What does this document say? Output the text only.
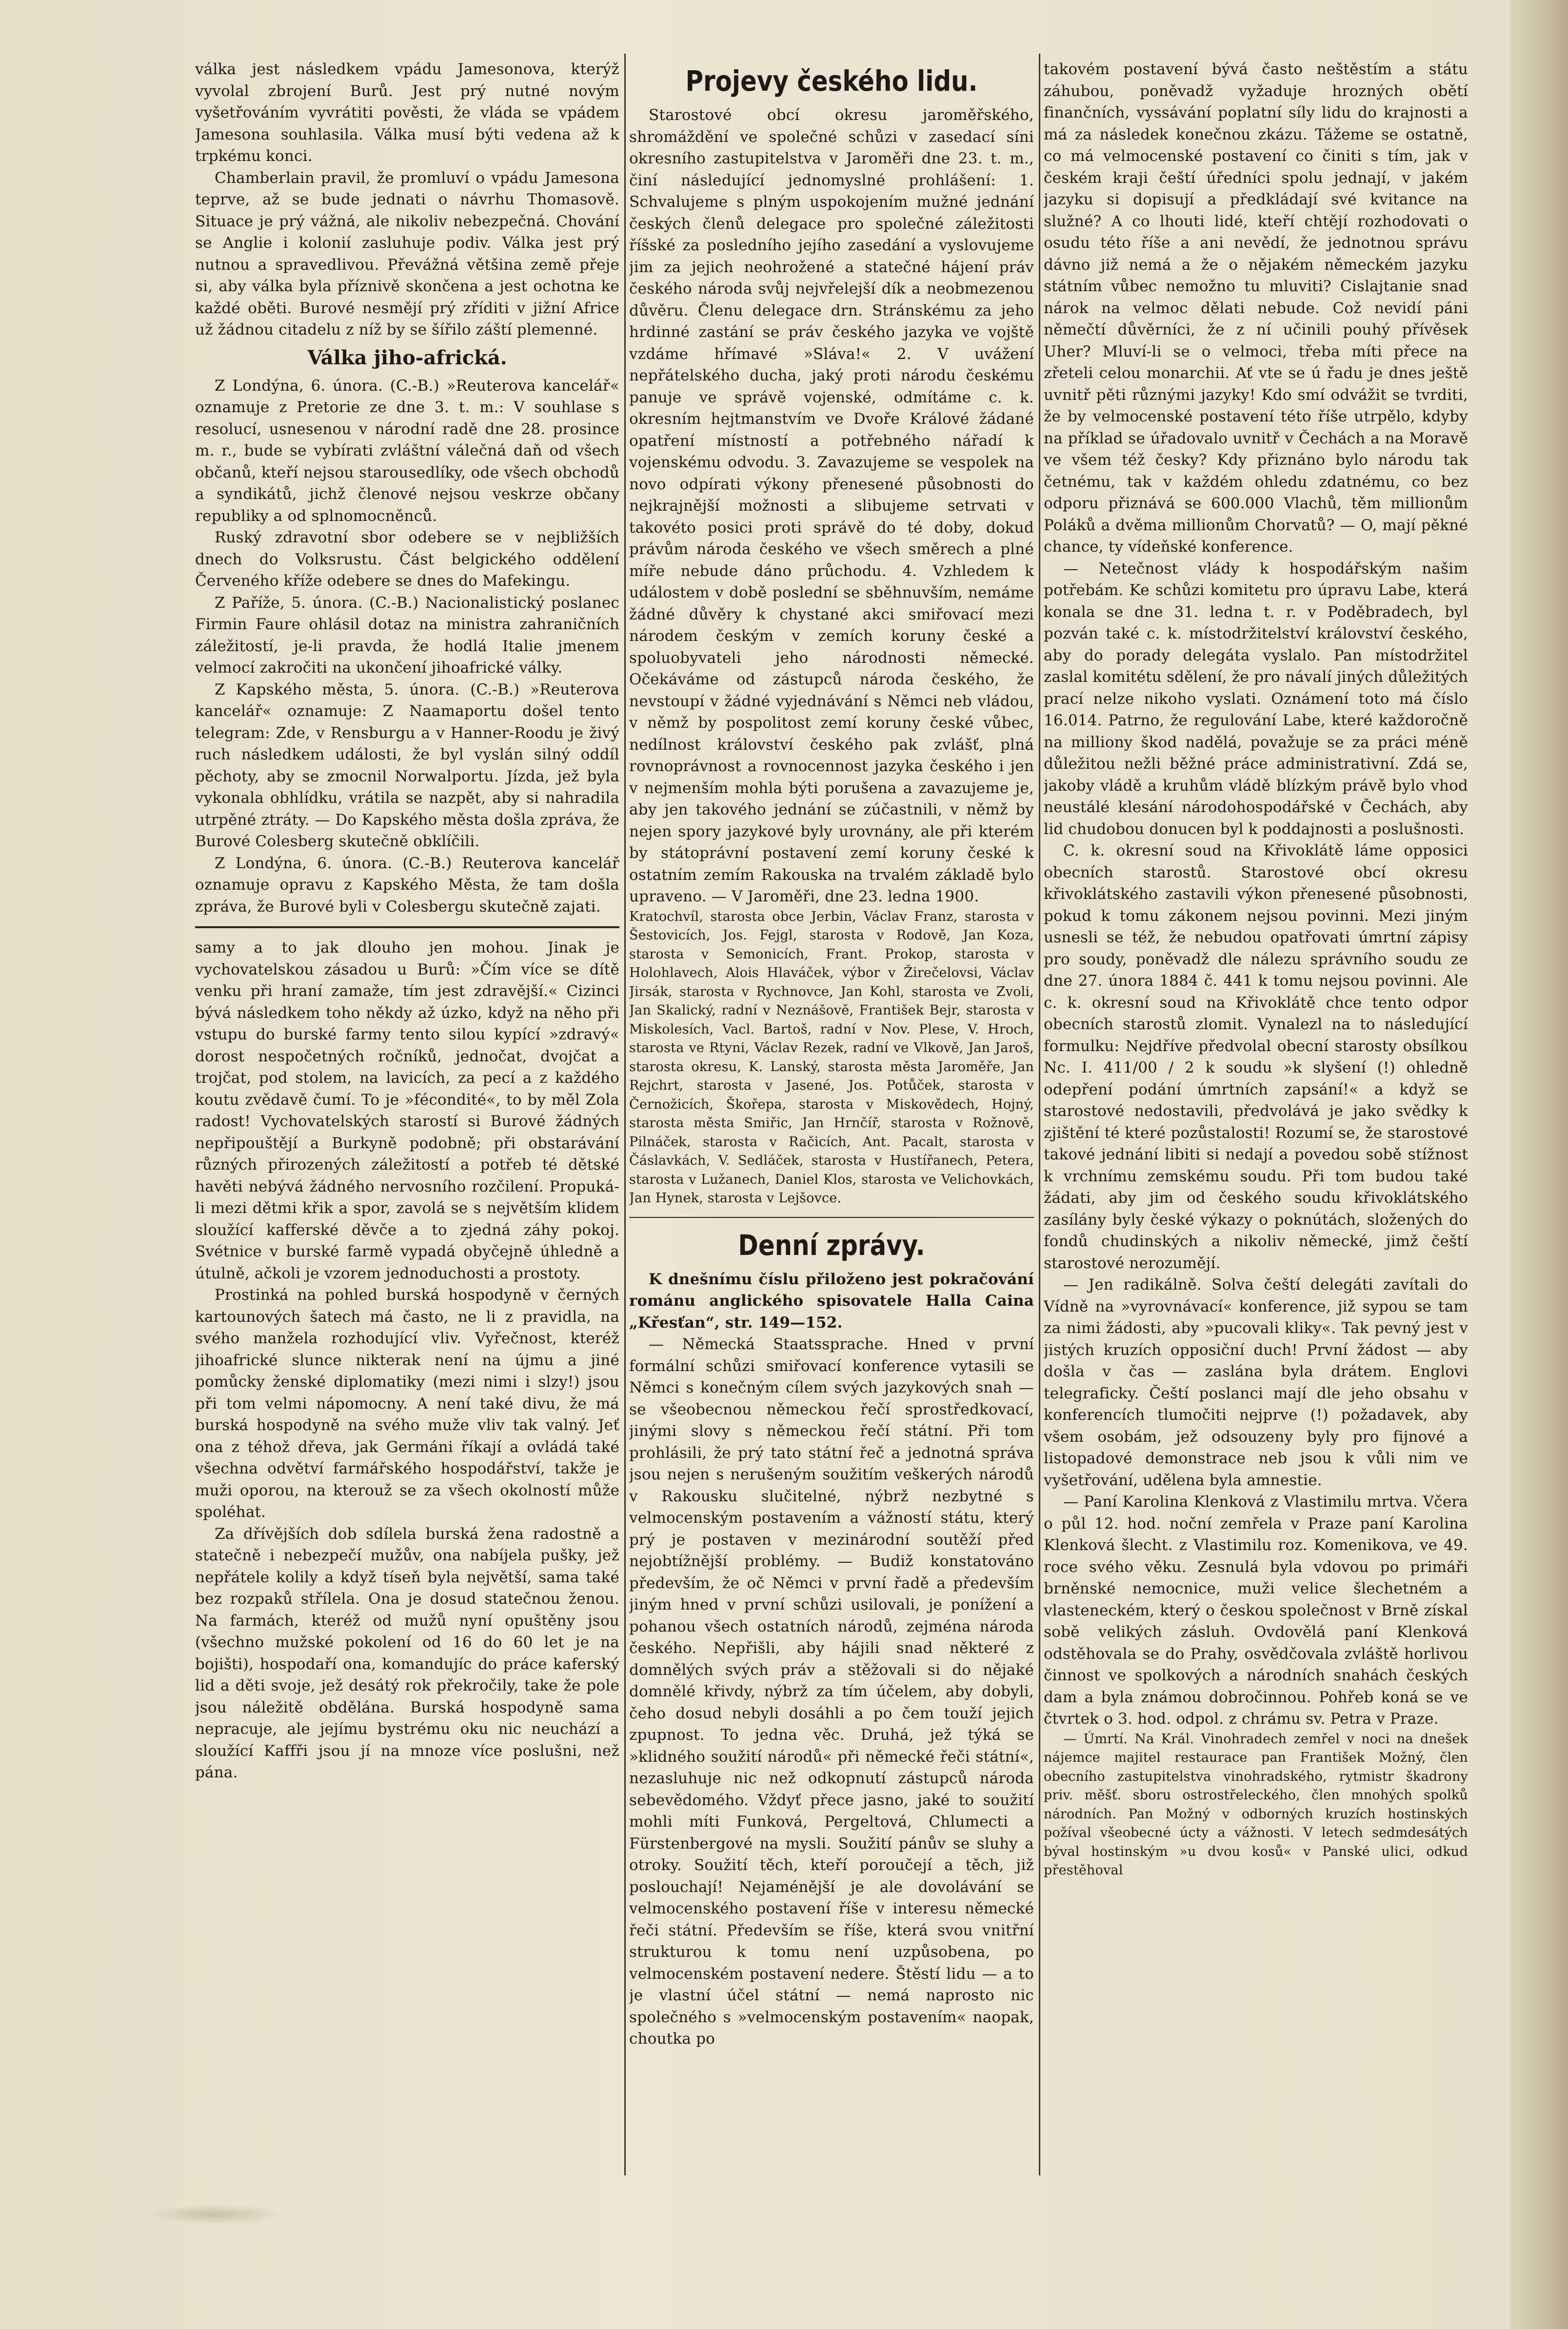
válka jest následkem vpádu Jamesonova, kterýž vyvolal zbrojení Burů. Jest prý nutné novým vyšetřováním vyvrátiti pověsti, že vláda se vpádem Jamesona souhlasila. Válka musí býti vedena až k trpkému konci.

Chamberlain pravil, že promluví o vpádu Jamesona teprve, až se bude jednati o návrhu Thomasově. Situace je prý vážná, ale nikoliv nebezpečná. Chování se Anglie i kolonií zasluhuje podiv. Válka jest prý nutnou a spravedlivou. Převážná většina země přeje si, aby válka byla příznivě skončena a jest ochotna ke každé oběti. Burové nesmějí prý zříditi v jižní Africe už žádnou citadelu z níž by se šířilo záští plemenné.

Válka jiho-africká.

Z Londýna, 6. února. (C.-B.) »Reuterova kancelář« oznamuje z Pretorie ze dne 3. t. m.: V souhlase s resolucí, usnesenou v národní radě dne 28. prosince m. r., bude se vybírati zvláštní válečná daň od všech občanů, kteří nejsou starousedlíky, ode všech obchodů a syndikátů, jichž členové nejsou veskrze občany republiky a od splnomocněnců.

Ruský zdravotní sbor odebere se v nejbližších dnech do Volksrustu. Část belgického oddělení Červeného kříže odebere se dnes do Mafekingu.

Z Paříže, 5. února. (C.-B.) Nacionalistický poslanec Firmin Faure ohlásil dotaz na ministra zahraničních záležitostí, je-li pravda, že hodlá Italie jmenem velmocí zakročiti na ukončení jihoafrické války.

Z Kapského města, 5. února. (C.-B.) »Reuterova kancelář« oznamuje: Z Naamaportu došel tento telegram: Zde, v Rensburgu a v Hanner-Roodu je živý ruch následkem události, že byl vyslán silný oddíl pěchoty, aby se zmocnil Norwalportu. Jízda, jež byla vykonala obhlídku, vrátila se nazpět, aby si nahradila utrpěné ztráty. — Do Kapského města došla zpráva, že Burové Colesberg skutečně obklíčili.

Z Londýna, 6. února. (C.-B.) Reuterova kancelář oznamuje opravu z Kapského Města, že tam došla zpráva, že Burové byli v Colesbergu skutečně zajati.

samy a to jak dlouho jen mohou. Jinak je vychovatelskou zásadou u Burů: »Čím více se dítě venku při hraní zamaže, tím jest zdravější.« Cizinci bývá následkem toho někdy až úzko, když na něho při vstupu do burské farmy tento silou kypící »zdravý« dorost nespočetných ročníků, jednočat, dvojčat a trojčat, pod stolem, na lavicích, za pecí a z každého koutu zvědavě čumí. To je »fécondité«, to by měl Zola radost! Vychovatelských starostí si Burové žádných nepřipouštějí a Burkyně podobně; při obstarávání různých přirozených záležitostí a potřeb té dětské havěti nebývá žádného nervosního rozčilení. Propuká-li mezi dětmi křik a spor, zavolá se s největším klidem sloužící kafferské děvče a to zjedná záhy pokoj. Svétnice v burské farmě vypadá obyčejně úhledně a útulně, ačkoli je vzorem jednoduchosti a prostoty.

Prostinká na pohled burská hospodyně v černých kartounových šatech má často, ne li z pravidla, na svého manžela rozhodující vliv. Vyřečnost, kteréž jihoafrické slunce nikterak není na újmu a jiné pomůcky ženské diplomatiky (mezi nimi i slzy!) jsou při tom velmi nápomocny. A není také divu, že má burská hospodyně na svého muže vliv tak valný. Jeť ona z téhož dřeva, jak Germáni říkají a ovládá také všechna odvětví farmářského hospodářství, takže je muži oporou, na kterouž se za všech okolností může spoléhat.

Za dřívějších dob sdílela burská žena radostně a statečně i nebezpečí mužův, ona nabíjela pušky, jež nepřátele kolily a když tíseň byla největší, sama také bez rozpaků střílela. Ona je dosud statečnou ženou. Na farmách, kteréž od mužů nyní opuštěny jsou (všechno mužské pokolení od 16 do 60 let je na bojišti), hospodaří ona, komandujíc do práce kaferský lid a děti svoje, jež desátý rok překročily, take že pole jsou náležitě obdělána. Burská hospodyně sama nepracuje, ale jejímu bystrému oku nic neuchází a sloužící Kaffři jsou jí na mnoze více poslušni, než pána.

Projevy českého lidu.

Starostové obcí okresu jaroměřského, shromáždění ve společné schůzi v zasedací síni okresního zastupitelstva v Jaroměři dne 23. t. m., činí následující jednomyslné prohlášení: 1. Schvalujeme s plným uspokojením mužné jednání českých členů delegace pro společné záležitosti říšské za posledního jejího zasedání a vyslovujeme jim za jejich neohrožené a statečné hájení práv českého národa svůj nejvřelejší dík a neobmezenou důvěru. Členu delegace drn. Stránskému za jeho hrdinné zastání se práv českého jazyka ve vojště vzdáme hřímavé »Sláva!« 2. V uvážení nepřátelského ducha, jaký proti národu českému panuje ve správě vojenské, odmítáme c. k. okresním hejtmanstvím ve Dvoře Králové žádané opatření místností a potřebného nářadí k vojenskému odvodu. 3. Zavazujeme se vespolek na novo odpírati výkony přenesené působnosti do nejkrajnější možnosti a slibujeme setrvati v takovéto posici proti správě do té doby, dokud právům národa českého ve všech směrech a plné míře nebude dáno průchodu. 4. Vzhledem k událostem v době poslední se sběhnuvším, nemáme žádné důvěry k chystané akci smiřovací mezi národem českým v zemích koruny české a spoluobyvateli jeho národnosti německé. Očekáváme od zástupců národa českého, že nevstoupí v žádné vyjednávání s Němci neb vládou, v němž by pospolitost zemí koruny české vůbec, nedílnost království českého pak zvlášť, plná rovnoprávnost a rovnocennost jazyka českého i jen v nejmenším mohla býti porušena a zavazujeme je, aby jen takového jednání se zúčastnili, v němž by nejen spory jazykové byly urovnány, ale při kterém by státoprávní postavení zemí koruny české k ostatním zemím Rakouska na trvalém základě bylo upraveno. — V Jaroměři, dne 23. ledna 1900.

Kratochvíl, starosta obce Jerbin, Václav Franz, starosta v Šestovicích, Jos. Fejgl, starosta v Rodově, Jan Koza, starosta v Semonicích, Frant. Prokop, starosta v Holohlavech, Alois Hlaváček, výbor v Žirečelovsi, Václav Jirsák, starosta v Rychnovce, Jan Kohl, starosta ve Zvoli, Jan Skalický, radní v Neznášově, František Bejr, starosta v Miskolesích, Vacl. Bartoš, radní v Nov. Plese, V. Hroch, starosta ve Rtyni, Václav Rezek, radní ve Vlkově, Jan Jaroš, starosta okresu, K. Lanský, starosta města Jaroměře, Jan Rejchrt, starosta v Jasené, Jos. Potůček, starosta v Černožicích, Škořepa, starosta v Miskovědech, Hojný, starosta města Smiřic, Jan Hrnčíř, starosta v Rožnově, Pilnáček, starosta v Račicích, Ant. Pacalt, starosta v Čáslavkách, V. Sedláček, starosta v Hustířanech, Petera, starosta v Lužanech, Daniel Klos, starosta ve Velichovkách, Jan Hynek, starosta v Lejšovce.

Denní zprávy.

K dnešnímu číslu přiloženo jest pokračování románu anglického spisovatele Halla Caina „Křesťan“, str. 149—152.

— Německá Staatssprache. Hned v první formální schůzi smiřovací konference vytasili se Němci s konečným cílem svých jazykových snah — se všeobecnou německou řečí sprostředkovací, jinými slovy s německou řečí státní. Při tom prohlásili, že prý tato státní řeč a jednotná správa jsou nejen s nerušeným soužitím veškerých národů v Rakousku slučitelné, nýbrž nezbytné s velmocenským postavením a vážností státu, který prý je postaven v mezinárodní soutěží před nejobtížnější problémy. — Budiž konstatováno především, že oč Němci v první řadě a především jiným hned v první schůzi usilovali, je ponížení a pohanou všech ostatních národů, zejména národa českého. Nepřišli, aby hájili snad některé z domnělých svých práv a stěžovali si do nějaké domnělé křivdy, nýbrž za tím účelem, aby dobyli, čeho dosud nebyli dosáhli a po čem touží jejich zpupnost. To jedna věc. Druhá, jež týká se »klidného soužití národů« při německé řeči státní«, nezasluhuje nic než odkopnutí zástupců národa sebevědomého. Vždyť přece jasno, jaké to soužití mohli míti Funková, Pergeltová, Chlumecti a Fürstenbergové na mysli. Soužití pánův se sluhy a otroky. Soužití těch, kteří poroučejí a těch, již poslouchají! Nejaménější je ale dovolávání se velmocenského postavení říše v interesu německé řeči státní. Především se říše, která svou vnitřní strukturou k tomu není uzpůsobena, po velmocenském postavení nedere. Štěstí lidu — a to je vlastní účel státní — nemá naprosto nic společného s »velmocenským postavením« naopak, choutka po

takovém postavení bývá často neštěstím a státu záhubou, poněvadž vyžaduje hrozných obětí finančních, vyssávání poplatní síly lidu do krajnosti a má za následek konečnou zkázu. Tážeme se ostatně, co má velmocenské postavení co činiti s tím, jak v českém kraji čeští úředníci spolu jednají, v jakém jazyku si dopisují a předkládají své kvitance na služné? A co lhouti lidé, kteří chtějí rozhodovati o osudu této říše a ani nevědí, že jednotnou správu dávno již nemá a že o nějakém německém jazyku státním vůbec nemožno tu mluviti? Cislajtanie snad nárok na velmoc dělati nebude. Což nevidí páni němečtí důvěrníci, že z ní učinili pouhý přívěsek Uher? Mluví-li se o velmoci, třeba míti přece na zřeteli celou monarchii. Ať vte se ú řadu je dnes ještě uvnitř pěti různými jazyky! Kdo smí odvážit se tvrditi, že by velmocenské postavení této říše utrpělo, kdyby na příklad se úřadovalo uvnitř v Čechách a na Moravě ve všem též česky? Kdy přiznáno bylo národu tak četnému, tak v každém ohledu zdatnému, co bez odporu přiznává se 600.000 Vlachů, těm millionům Poláků a dvěma millionům Chorvatů? — O, mají pěkné chance, ty vídeňské konference.

— Netečnost vlády k hospodářským našim potřebám. Ke schůzi komitetu pro úpravu Labe, která konala se dne 31. ledna t. r. v Poděbradech, byl pozván také c. k. místodržitelství království českého, aby do porady delegáta vyslalo. Pan místodržitel zaslal komitétu sdělení, že pro návalí jiných důležitých prací nelze nikoho vyslati. Oznámení toto má číslo 16.014. Patrno, že regulování Labe, které každoročně na milliony škod nadělá, považuje se za práci méně důležitou nežli běžné práce administrativní. Zdá se, jakoby vládě a kruhům vládě blízkým právě bylo vhod neustálé klesání národohospodářské v Čechách, aby lid chudobou donucen byl k poddajnosti a poslušnosti.

C. k. okresní soud na Křivoklátě láme opposici obecních starostů. Starostové obcí okresu křivoklátského zastavili výkon přenesené působnosti, pokud k tomu zákonem nejsou povinni. Mezi jiným usnesli se též, že nebudou opatřovati úmrtní zápisy pro soudy, poněvadž dle nálezu správního soudu ze dne 27. února 1884 č. 441 k tomu nejsou povinni. Ale c. k. okresní soud na Křivoklátě chce tento odpor obecních starostů zlomit. Vynalezl na to následující formulku: Nejdříve předvolal obecní starosty obsílkou Nc. I. 411/00 / 2 k soudu »k slyšení (!) ohledně odepření podání úmrtních zapsání!« a když se starostové nedostavili, předvolává je jako svědky k zjištění té které pozůstalosti! Rozumí se, že starostové takové jednání libiti si nedají a povedou sobě stížnost k vrchnímu zemskému soudu. Při tom budou také žádati, aby jim od českého soudu křivoklátského zasílány byly české výkazy o poknútách, složených do fondů chudinských a nikoliv německé, jimž čeští starostové nerozumějí.

— Jen radikálně. Solva čeští delegáti zavítali do Vídně na »vyrovnávací« konference, již sypou se tam za nimi žádosti, aby »pucovali kliky«. Tak pevný jest v jistých kruzích opposiční duch! První žádost — aby došla v čas — zaslána byla drátem. Englovi telegraficky. Čeští poslanci mají dle jeho obsahu v konferencích tlumočiti nejprve (!) požadavek, aby všem osobám, jež odsouzeny byly pro fijnové a listopadové demonstrace neb jsou k vůli nim ve vyšetřování, udělena byla amnestie.

— Paní Karolina Klenková z Vlastimilu mrtva. Včera o půl 12. hod. noční zemřela v Praze paní Karolina Klenková šlecht. z Vlastimilu roz. Komenikova, ve 49. roce svého věku. Zesnulá byla vdovou po primáři brněnské nemocnice, muži velice šlechetném a vlasteneckém, který o českou společnost v Brně získal sobě velikých zásluh. Ovdovělá paní Klenková odstěhovala se do Prahy, osvědčovala zvláště horlivou činnost ve spolkových a národních snahách českých dam a byla známou dobročinnou. Pohřeb koná se ve čtvrtek o 3. hod. odpol. z chrámu sv. Petra v Praze.

— Úmrtí. Na Král. Vinohradech zemřel v noci na dnešek nájemce majitel restaurace pan František Možný, člen obecního zastupitelstva vinohradského, rytmistr škadrony priv. měšť. sboru ostrostřeleckého, člen mnohých spolků národních. Pan Možný v odborných kruzích hostinských požíval všeobecné úcty a vážnosti. V letech sedmdesátých býval hostinským »u dvou kosů« v Panské ulici, odkud přestěhoval
